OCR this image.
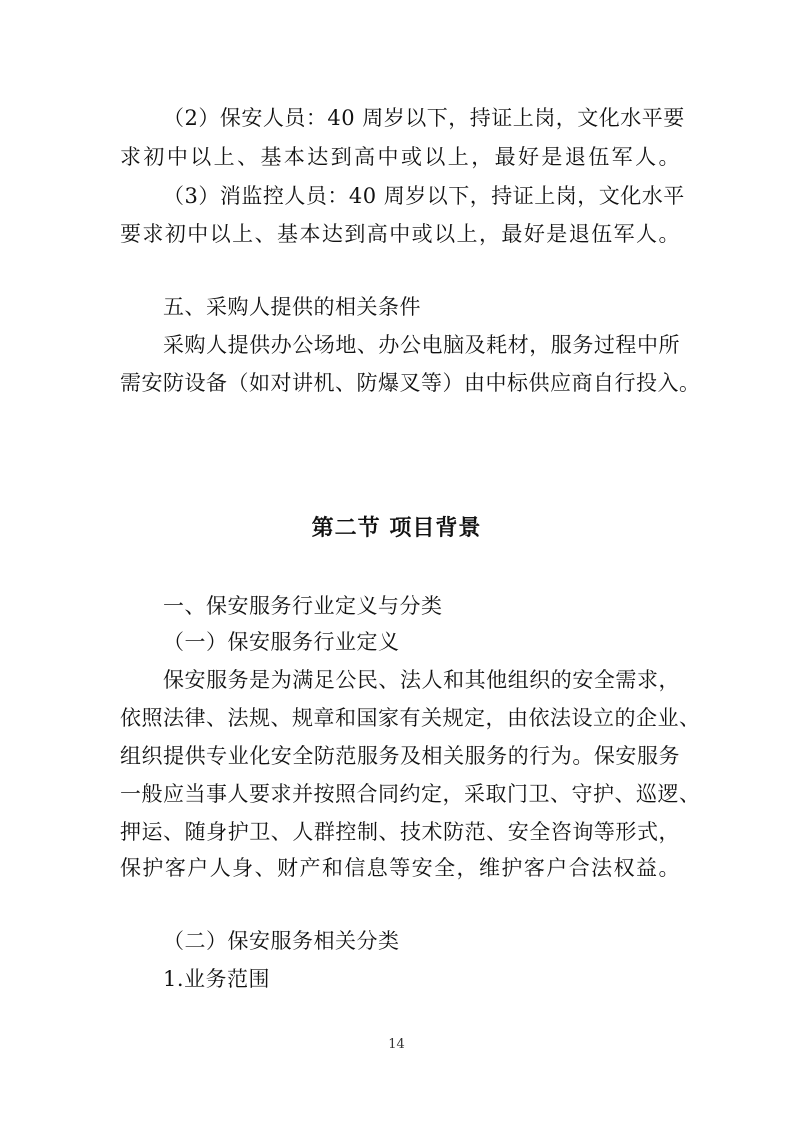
（2）保安人员：40 周岁以下，持证上岗，文化水平要
求初中以上、基本达到高中或以上，最好是退伍军人。
（3）消监控人员：40 周岁以下，持证上岗，文化水平
要求初中以上、基本达到高中或以上，最好是退伍军人。
五、采购人提供的相关条件
采购人提供办公场地、办公电脑及耗材，服务过程中所
需安防设备（如对讲机、防爆叉等）由中标供应商自行投入。
第二节 项目背景
一、保安服务行业定义与分类
（一）保安服务行业定义
保安服务是为满足公民、法人和其他组织的安全需求，
依照法律、法规、规章和国家有关规定，由依法设立的企业、
组织提供专业化安全防范服务及相关服务的行为。保安服务
一般应当事人要求并按照合同约定，采取门卫、守护、巡逻、
押运、随身护卫、人群控制、技术防范、安全咨询等形式，
保护客户人身、财产和信息等安全，维护客户合法权益。
（二）保安服务相关分类
1.业务范围
14
